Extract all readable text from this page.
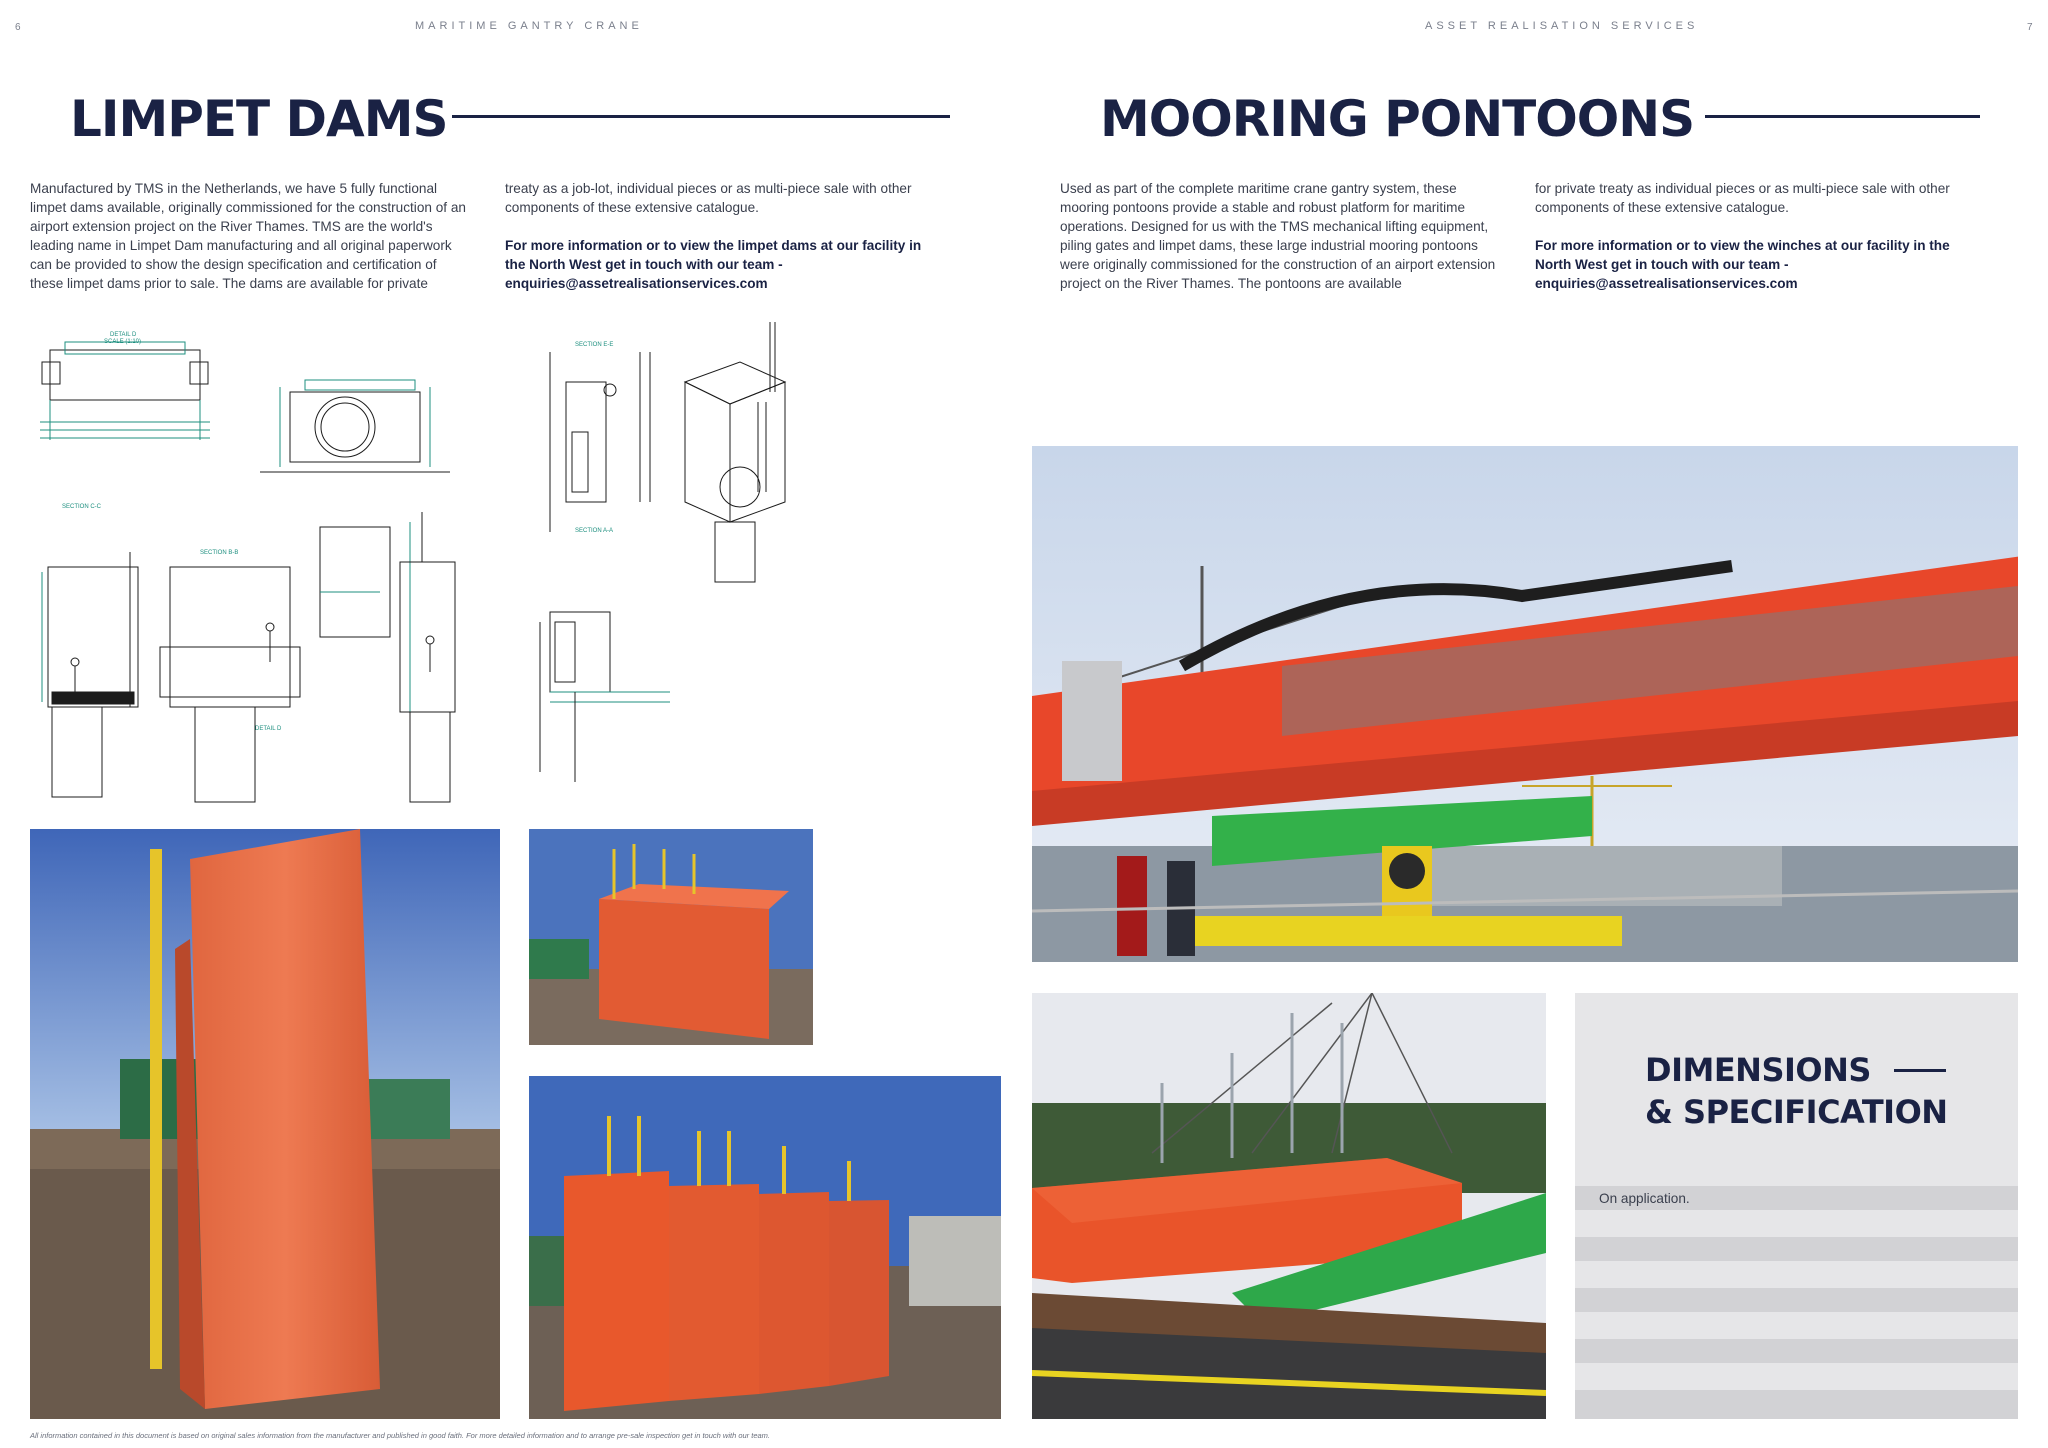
6	MARITIME GANTRY CRANE
LIMPET DAMS
Manufactured by TMS in the Netherlands, we have 5 fully functional limpet dams available, originally commissioned for the construction of an airport extension project on the River Thames. TMS are the world's leading name in Limpet Dam manufacturing and all original paperwork can be provided to show the design specification and certification of these limpet dams prior to sale. The dams are available for private

treaty as a job-lot, individual pieces or as multi-piece sale with other components of these extensive catalogue.

For more information or to view the limpet dams at our facility in the North West get in touch with our team - enquiries@assetrealisationservices.com

DETAIL D
SCALE (1:10)
SECTION C-C
SECTION B-B
DETAIL D
SECTION E-E
SECTION A-A
All information contained in this document is based on original sales information from the manufacturer and published in good faith. For more detailed information and to arrange pre-sale inspection get in touch with our team.
ASSET REALISATION SERVICES	7
MOORING PONTOONS
Used as part of the complete maritime crane gantry system, these mooring pontoons provide a stable and robust platform for maritime operations. Designed for us with the TMS mechanical lifting equipment, piling gates and limpet dams, these large industrial mooring pontoons were originally commissioned for the construction of an airport extension project on the River Thames. The pontoons are available

for private treaty as individual pieces or as multi-piece sale with other components of these extensive catalogue.

For more information or to view the winches at our facility in the North West get in touch with our team - enquiries@assetrealisationservices.com

DIMENSIONS
& SPECIFICATION
On application.
